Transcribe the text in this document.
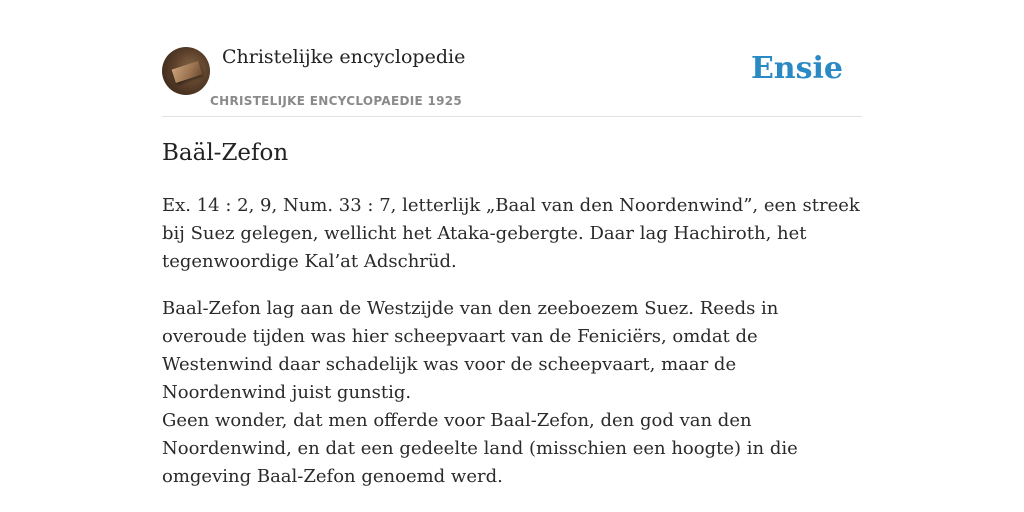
Christelijke encyclopedie
CHRISTELIJKE ENCYCLOPAEDIE 1925
Ensie
Baäl-Zefon

Ex. 14 : 2, 9, Num. 33 : 7, letterlijk „Baal van den Noordenwind”, een streek bij Suez gelegen, wellicht het Ataka-gebergte. Daar lag Hachiroth, het tegenwoordige Kal’at Adschrüd.

Baal-Zefon lag aan de Westzijde van den zeeboezem Suez. Reeds in overoude tijden was hier scheepvaart van de Feniciërs, omdat de Westenwind daar schadelijk was voor de scheepvaart, maar de Noordenwind juist gunstig.

Geen wonder, dat men offerde voor Baal-Zefon, den god van den Noordenwind, en dat een gedeelte land (misschien een hoogte) in die omgeving Baal-Zefon genoemd werd.
